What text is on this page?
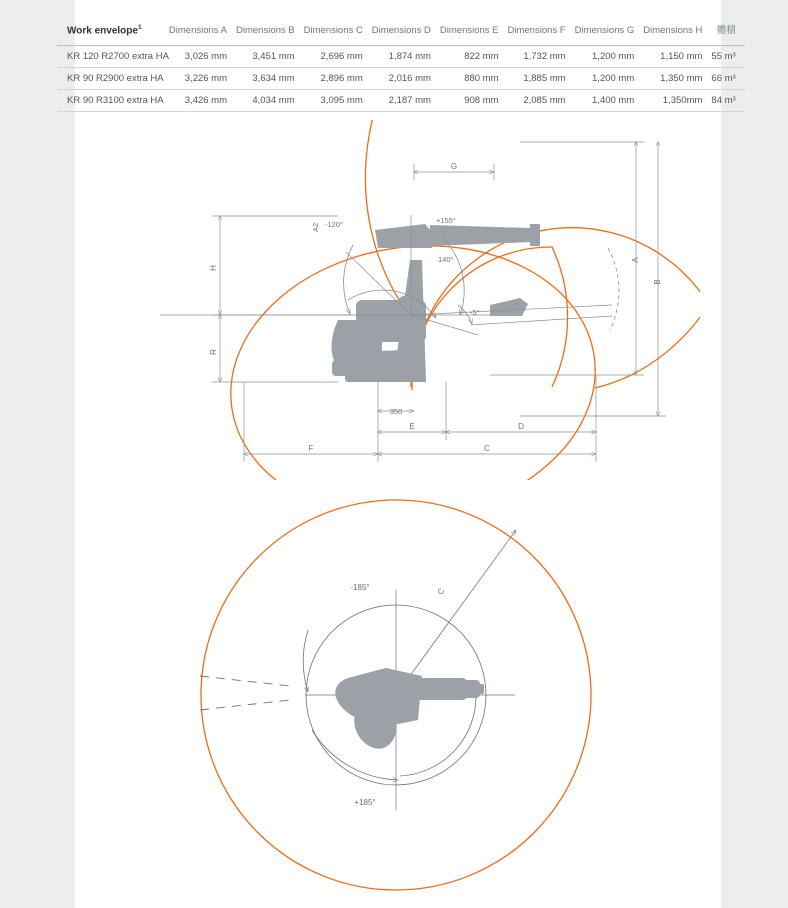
Work envelope$^1$	Dimensions A	Dimensions B	Dimensions C	Dimensions D	Dimensions E	Dimensions F	Dimensions G	Dimensions H	體積
KR 120 R2700 extra HA	3,026 mm	3,451 mm	2,696 mm	1,874 mm	822 mm	1,732 mm	1,200 mm	1,150 mm	55 m³
KR 90 R2900 extra HA	3,226 mm	3,634 mm	2,896 mm	2,016 mm	880 mm	1,885 mm	1,200 mm	1,350 mm	66 m³
KR 90 R3100 extra HA	3,426 mm	4,034 mm	3,095 mm	2,187 mm	908 mm	2,085 mm	1,400 mm	1,350mm	84 m³
A
B
H
R
G
350
E	D
F	C
-120°	+155°
140°
-5°
A2
-185°
+185°
C
